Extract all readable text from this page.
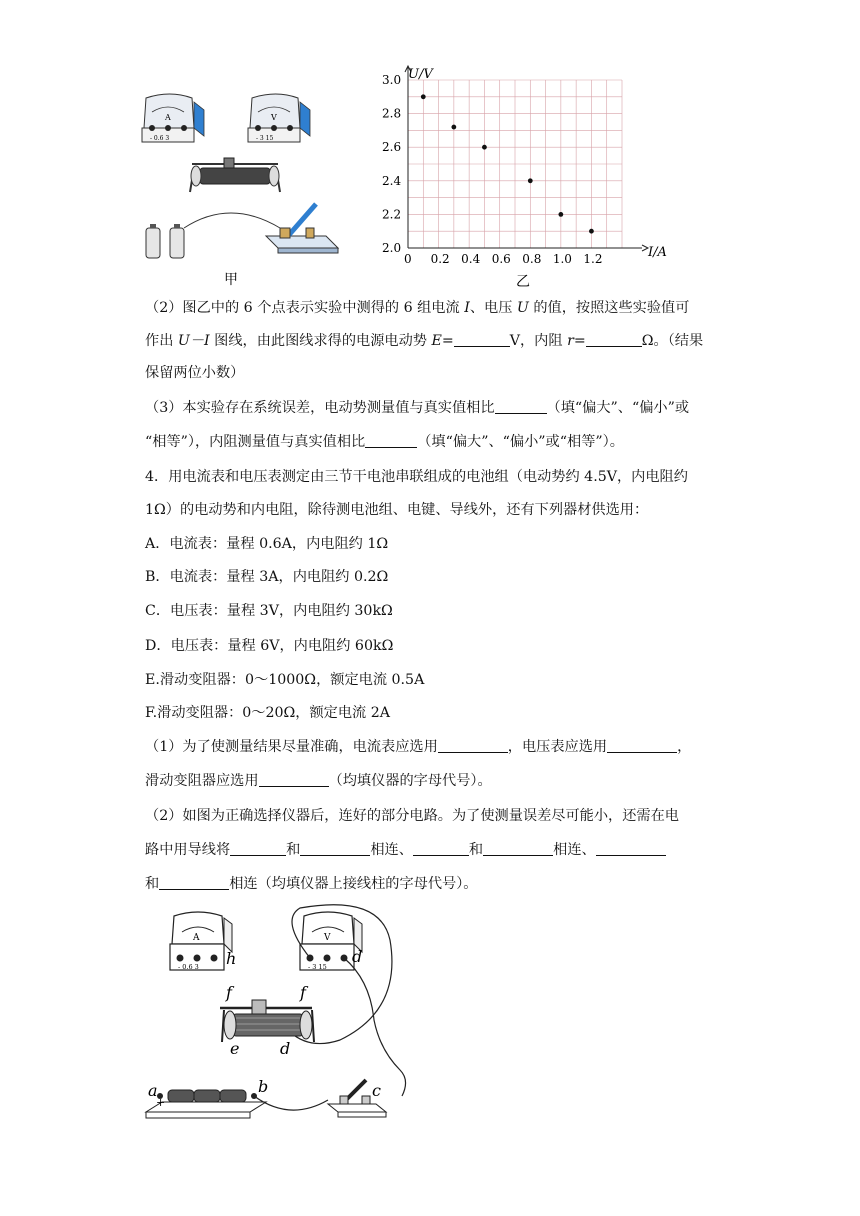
A
- 0.6 3
V
- 3 15
甲
0 0.2 0.4 0.6 0.8 1.0 1.2
2.0
2.2
2.4
2.6
2.8
3.0 U/V
I/A
乙
（2）图乙中的 6 个点表示实验中测得的 6 组电流 I、电压 U 的值，按照这些实验值可
作出 U－I 图线，由此图线求得的电源电动势 E=	V，内阻 r=	Ω。（结果
保留两位小数）
（3）本实验存在系统误差，电动势测量值与真实值相比	（填“偏大”、“偏小”或
“相等”），内阻测量值与真实值相比	（填“偏大”、“偏小”或“相等”）。
4．用电流表和电压表测定由三节干电池串联组成的电池组（电动势约 4.5V，内电阻约
1Ω）的电动势和内电阻，除待测电池组、电键、导线外，还有下列器材供选用：
A．电流表：量程 0.6A，内电阻约 1Ω
B．电流表：量程 3A，内电阻约 0.2Ω
C．电压表：量程 3V，内电阻约 30kΩ
D．电压表：量程 6V，内电阻约 60kΩ
E.滑动变阻器：0～1000Ω，额定电流 0.5A
F.滑动变阻器：0～20Ω，额定电流 2A
（1）为了使测量结果尽量准确，电流表应选用	，电压表应选用	，
滑动变阻器应选用	（均填仪器的字母代号）。
（2）如图为正确选择仪器后，连好的部分电路。为了使测量误差尽可能小，还需在电
路中用导线将	和	相连、	和	相连、
和	相连（均填仪器上接线柱的字母代号）。
A
- 0.6 3 h
V
- 3 15
d
f	f
e	d
a
+
b	c
